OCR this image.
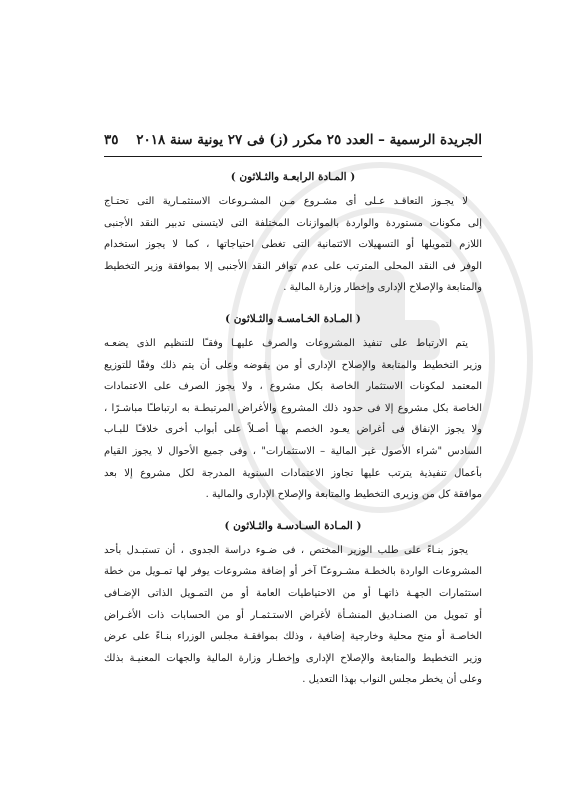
الجريدة الرسمية – العدد ٢٥ مكرر (ز) فى ٢٧ يونية سنة ٢٠١٨
٣٥
( المـادة الرابعـة والثـلاثون )

لا يجـوز التعاقـد عـلى أى مشـروع مـن المشـروعات الاستثمـارية التى تحتـاج
إلى مكونات مستوردة والواردة بالموازنات المختلفة التى لايتسنى تدبير النقد الأجنبى
اللازم لتمويلها أو التسهيلات الائتمانية التى تغطى احتياجاتها ، كما لا يجوز استخدام
الوفر فى النقد المحلى المترتب على عدم توافر النقد الأجنبى إلا بموافقة وزير التخطيط
والمتابعة والإصلاح الإدارى وإخطار وزارة المالية .

( المـادة الخـامسـة والثـلاثون )

يتم الارتباط على تنفيذ المشروعات والصرف عليهـا وفقـًا للتنظيم الذى يضعـه
وزير التخطيط والمتابعة والإصلاح الإدارى أو من يفوضه وعلى أن يتم ذلك وفقًا للتوزيع
المعتمد لمكونات الاستثمار الخاصة بكل مشروع ، ولا يجوز الصرف على الاعتمادات
الخاصة بكل مشروع إلا فى حدود ذلك المشروع والأغراض المرتبطـة به ارتباطـًا مباشـرًا ،
ولا يجوز الإنفاق فى أغراض يعـود الخصم بهـا أصـلاً على أبواب أخرى خلافـًا للبـاب
السادس "شراء الأصول غير المالية – الاستثمارات" ، وفى جميع الأحوال لا يجوز القيام
بأعمال تنفيذية يترتب عليها تجاوز الاعتمادات السنوية المدرجة لكل مشروع إلا بعد
موافقة كل من وزيرى التخطيط والمتابعة والإصلاح الإدارى والمالية .

( المـادة السـادسـة والثـلاثون )

يجوز بنـاءً على طلب الوزير المختص ، فى ضـوء دراسة الجدوى ، أن تستبـدل بأحد
المشروعات الواردة بالخطـة مشـروعـًا آخر أو إضافة مشروعات يوفر لها تمـويل من خطة
استثمارات الجهـة ذاتهـا أو من الاحتياطيات العامة أو من التمـويل الذاتى الإضـافى
أو تمويل من الصنـاديق المنشـأة لأغراض الاستـثمـار أو من الحسابات ذات الأغـراض
الخاصـة أو منح محلية وخارجية إضافية ، وذلك بموافقـة مجلس الوزراء بنـاءً على عرض
وزير التخطيط والمتابعة والإصلاح الإدارى وإخطـار وزارة المالية والجهات المعنيـة بذلك
وعلى أن يخطر مجلس النواب بهذا التعديل .
